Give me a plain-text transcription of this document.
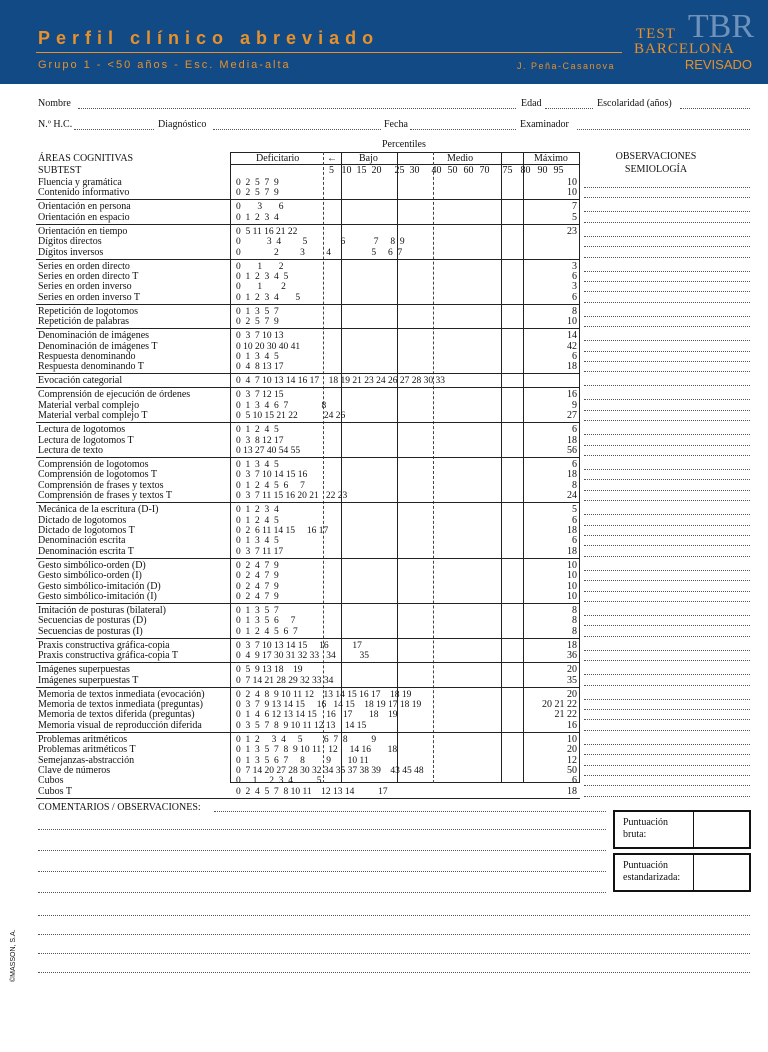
Perfil clínico abreviado
Grupo 1 - <50 años - Esc. Media-alta	J. Peña-Casanova
TBR
TEST
BARCELONA
REVISADO
Nombre	Edad	Escolaridad (años)
N.º H.C.	Diagnóstico	Fecha	Examinador
Percentiles
ÁREAS COGNITIVAS
SUBTEST
Deficitario	← Bajo	Medio	Máximo	OBSERVACIONES
SEMIOLOGÍA
5 10 15 20 25 30 40 50 60 70 75 80 90 95
Fluencia y gramática	0  2  5  7  9	10
Contenido informativo	0  2  5  7  9	10
Orientación en persona	0       3       6	7
Orientación en espacio	0  1  2  3  4	5
Orientación en tiempo	0  5 11 16 21 22	23
Dígitos directos	0           3  4         5              6            7     8  9
Dígitos inversos	0              2         3         4                 5     6  7
Series en orden directo	0       1       2	3
Series en orden directo T	0  1  2  3  4  5	6
Series en orden inverso	0       1        2	3
Series en orden inverso T	0  1  2  3  4       5	6
Repetición de logotomos	0  1  3  5  7	8
Repetición de palabras	0  2  5  7  9	10
Denominación de imágenes	0  3  7 10 13	14
Denominación de imágenes T	0 10 20 30 40 41	42
Respuesta denominando	0  1  3  4  5	6
Respuesta denominando T	0  4  8 13 17	18
Evocación categorial	0  4  7 10 13 14 16 17    18 19 21 23 24 26 27 28 30 33
Comprensión de ejecución de órdenes	0  3  7 12 15	16
Material verbal complejo	0  1  3  4  6  7              8	9
Material verbal complejo T	0  5 10 15 21 22           24 26	27
Lectura de logotomos	0  1  2  4  5	6
Lectura de logotomos T	0  3  8 12 17	18
Lectura de texto	0 13 27 40 54 55	56
Comprensión de logotomos	0  1  3  4  5	6
Comprensión de logotomos T	0  3  7 10 14 15 16	18
Comprensión de frases y textos	0  1  2  4  5  6     7	8
Comprensión de frases y textos T	0  3  7 11 15 16 20 21   22 23	24
Mecánica de la escritura (D-I)	0  1  2  3  4	5
Dictado de logotomos	0  1  2  4  5	6
Dictado de logotomos T	0  2  6 11 14 15     16 17	18
Denominación escrita	0  1  3  4  5	6
Denominación escrita T	0  3  7 11 17	18
Gesto simbólico-orden (D)	0  2  4  7  9	10
Gesto simbólico-orden (I)	0  2  4  7  9	10
Gesto simbólico-imitación (D)	0  2  4  7  9	10
Gesto simbólico-imitación (I)	0  2  4  7  9	10
Imitación de posturas (bilateral)	0  1  3  5  7	8
Secuencias de posturas (D)	0  1  3  5  6     7	8
Secuencias de posturas (I)	0  1  2  4  5  6  7	8
Praxis constructiva gráfica-copia	0  3  7 10 13 14 15     16          17	18
Praxis constructiva gráfica-copia T	0  4  9 17 30 31 32 33   34          35	36
Imágenes superpuestas	0  5  9 13 18    19	20
Imágenes superpuestas T	0  7 14 21 28 29 32 33 34	35
Memoria de textos inmediata (evocación)	0  2  4  8  9 10 11 12    13 14 15 16 17    18 19	20
Memoria de textos inmediata (preguntas)	0  3  7  9 13 14 15     16   14 15    18 19 17 18 19	20 21 22
Memoria de textos diferida (preguntas)	0  1  4  6 12 13 14 15    16   17       18    19	21 22
Memoria visual de reproducción diferida	0  3  5  7  8  9 10 11 12 13    14 15	16
Problemas aritméticos	0  1  2     3  4     5         6  7  8          9	10
Problemas aritméticos T	0  1  3  5  7  8  9 10 11   12     14 16       18	20
Semejanzas-abstracción	0  1  3  5  6  7     8         9       10 11	12
Clave de números	0  7 14 20 27 28 30 32 34 35 37 38 39    43 45 48	50
Cubos	0     1     2  3  4          5	6
Cubos T	0  2  4  5  7  8 10 11    12 13 14          17	18
COMENTARIOS / OBSERVACIONES:
Puntuación bruta:
Puntuación estandarizada:
©MASSON, S.A.
